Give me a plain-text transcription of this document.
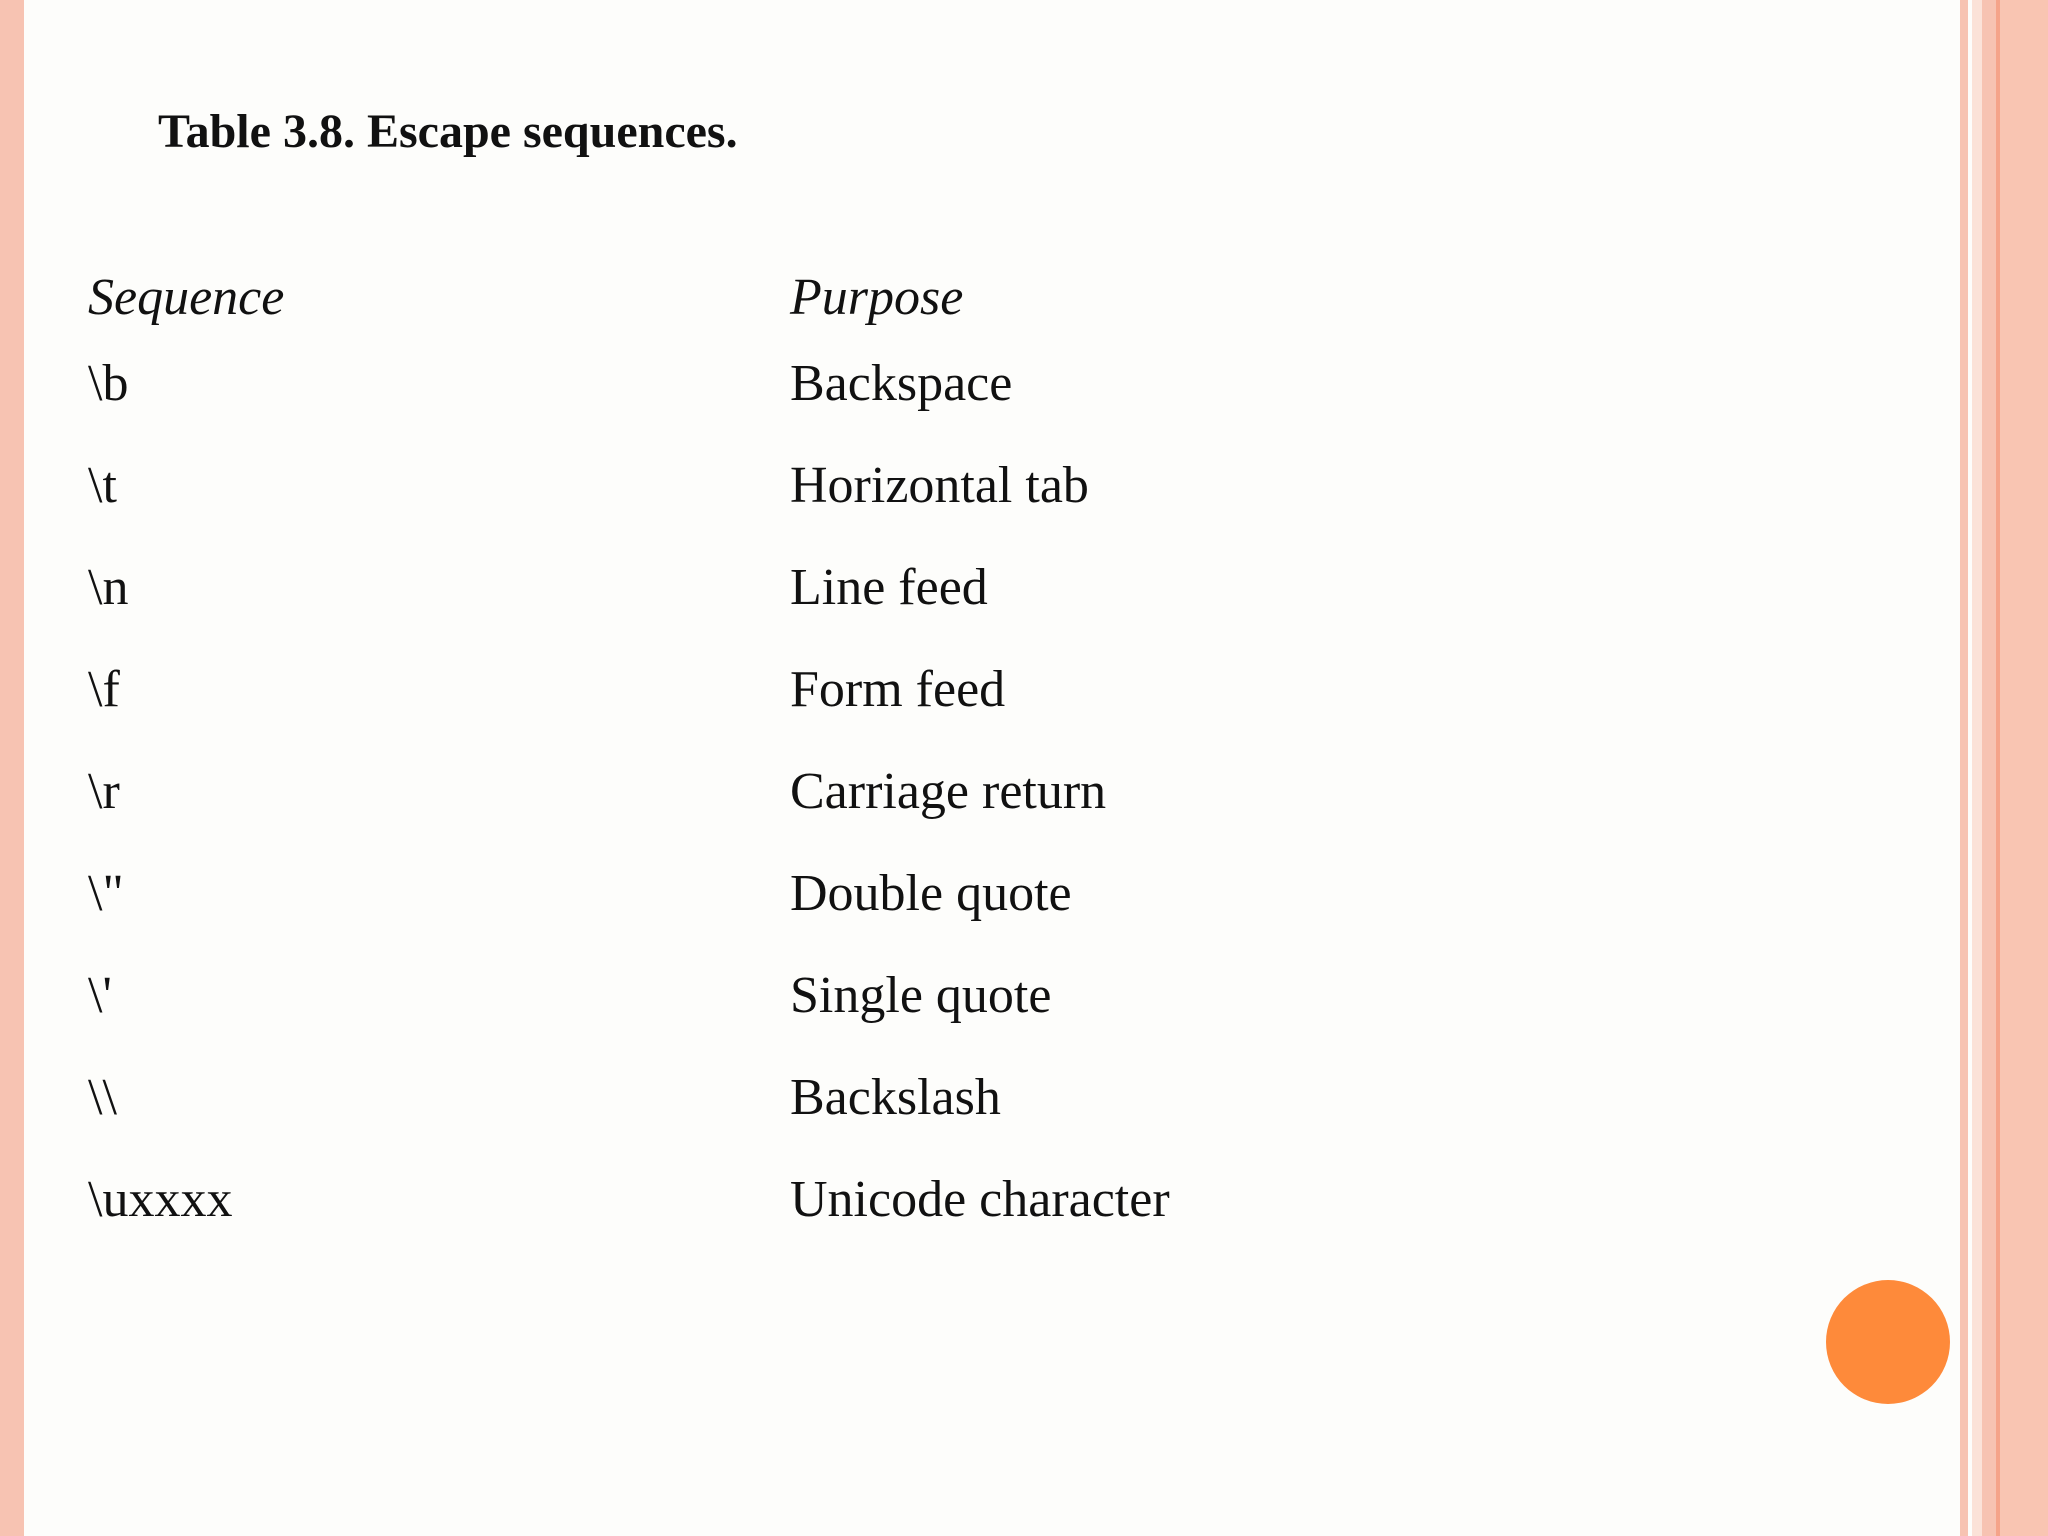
Table 3.8. Escape sequences.
Sequence	Purpose
\b	Backspace
\t	Horizontal tab
\n	Line feed
\f	Form feed
\r	Carriage return
\"	Double quote
\'	Single quote
\\	Backslash
\uxxxx	Unicode character
